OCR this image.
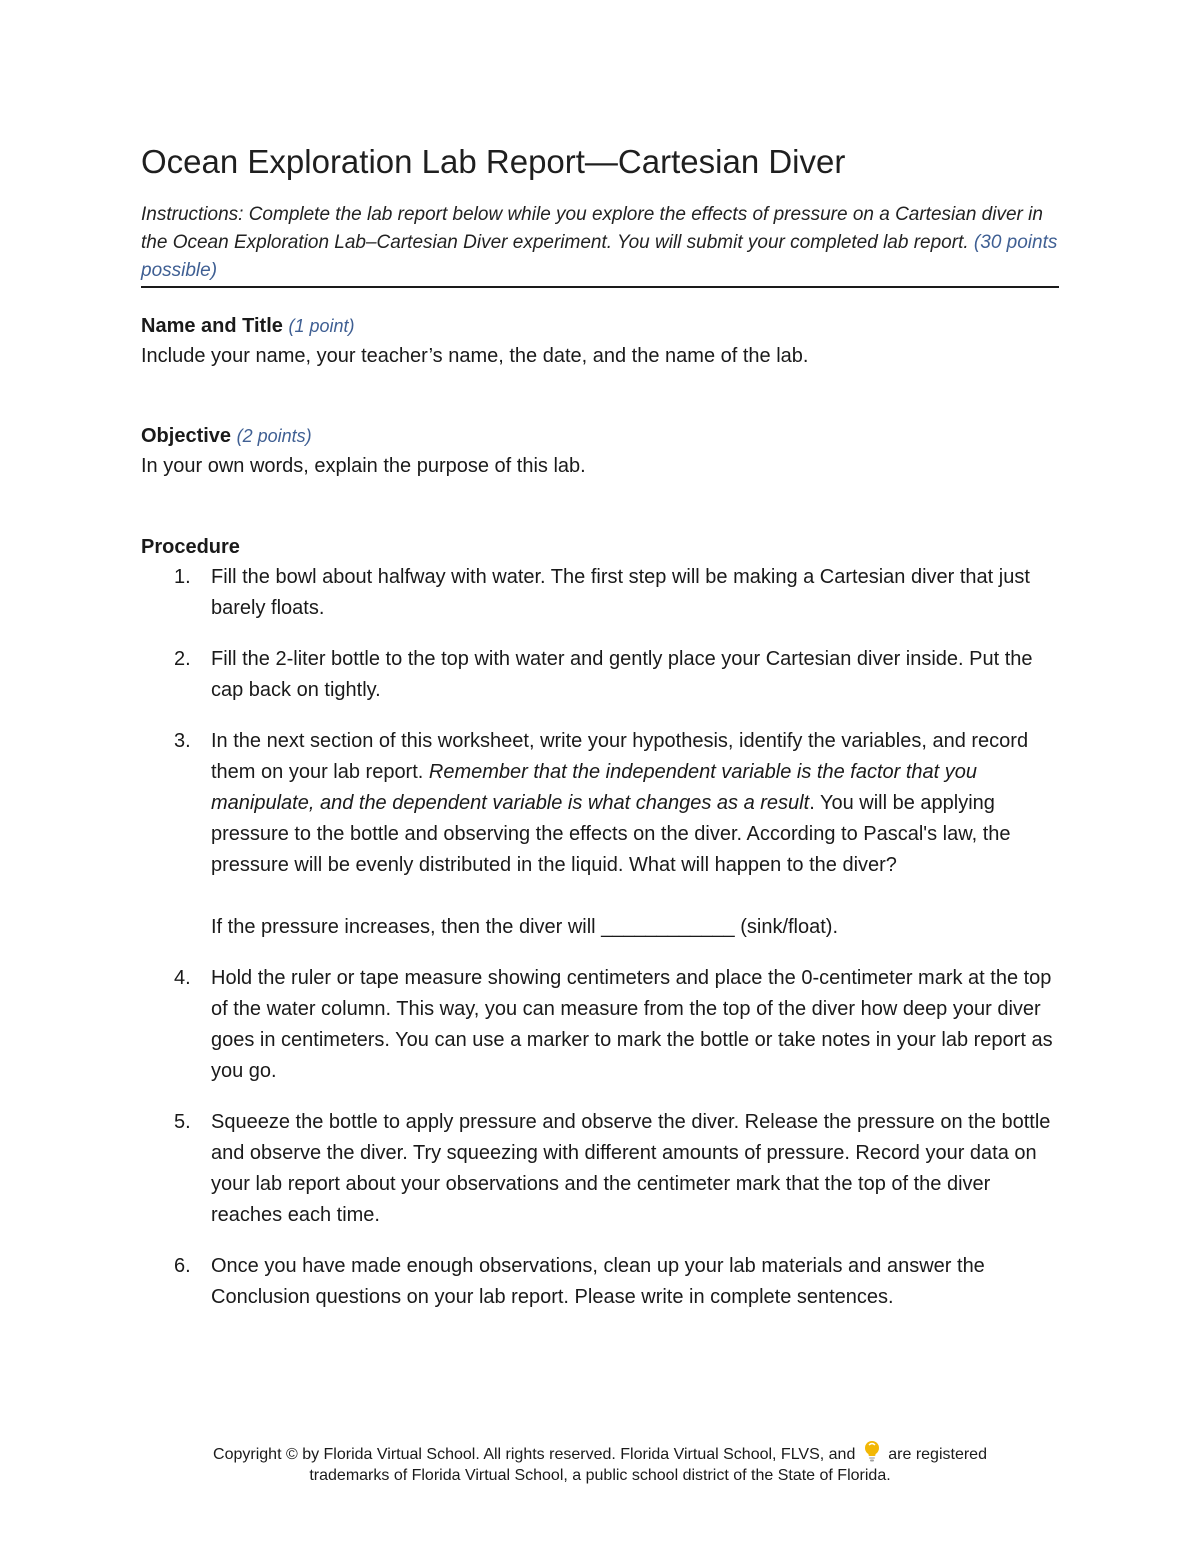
Ocean Exploration Lab Report—Cartesian Diver
Instructions: Complete the lab report below while you explore the effects of pressure on a Cartesian diver in the Ocean Exploration Lab–Cartesian Diver experiment. You will submit your completed lab report. (30 points possible)

Name and Title (1 point)

Include your name, your teacher’s name, the date, and the name of the lab.

Objective (2 points)

In your own words, explain the purpose of this lab.

Procedure

1. Fill the bowl about halfway with water. The first step will be making a Cartesian diver that just barely floats.
2. Fill the 2-liter bottle to the top with water and gently place your Cartesian diver inside. Put the cap back on tightly.
3. In the next section of this worksheet, write your hypothesis, identify the variables, and record them on your lab report. Remember that the independent variable is the factor that you manipulate, and the dependent variable is what changes as a result. You will be applying pressure to the bottle and observing the effects on the diver. According to Pascal's law, the pressure will be evenly distributed in the liquid. What will happen to the diver?
If the pressure increases, then the diver will ____________ (sink/float).
4. Hold the ruler or tape measure showing centimeters and place the 0-centimeter mark at the top of the water column. This way, you can measure from the top of the diver how deep your diver goes in centimeters. You can use a marker to mark the bottle or take notes in your lab report as you go.
5. Squeeze the bottle to apply pressure and observe the diver. Release the pressure on the bottle and observe the diver. Try squeezing with different amounts of pressure. Record your data on your lab report about your observations and the centimeter mark that the top of the diver reaches each time.
6. Once you have made enough observations, clean up your lab materials and answer the Conclusion questions on your lab report. Please write in complete sentences.
Copyright © by Florida Virtual School. All rights reserved. Florida Virtual School, FLVS, and are registered
trademarks of Florida Virtual School, a public school district of the State of Florida.
